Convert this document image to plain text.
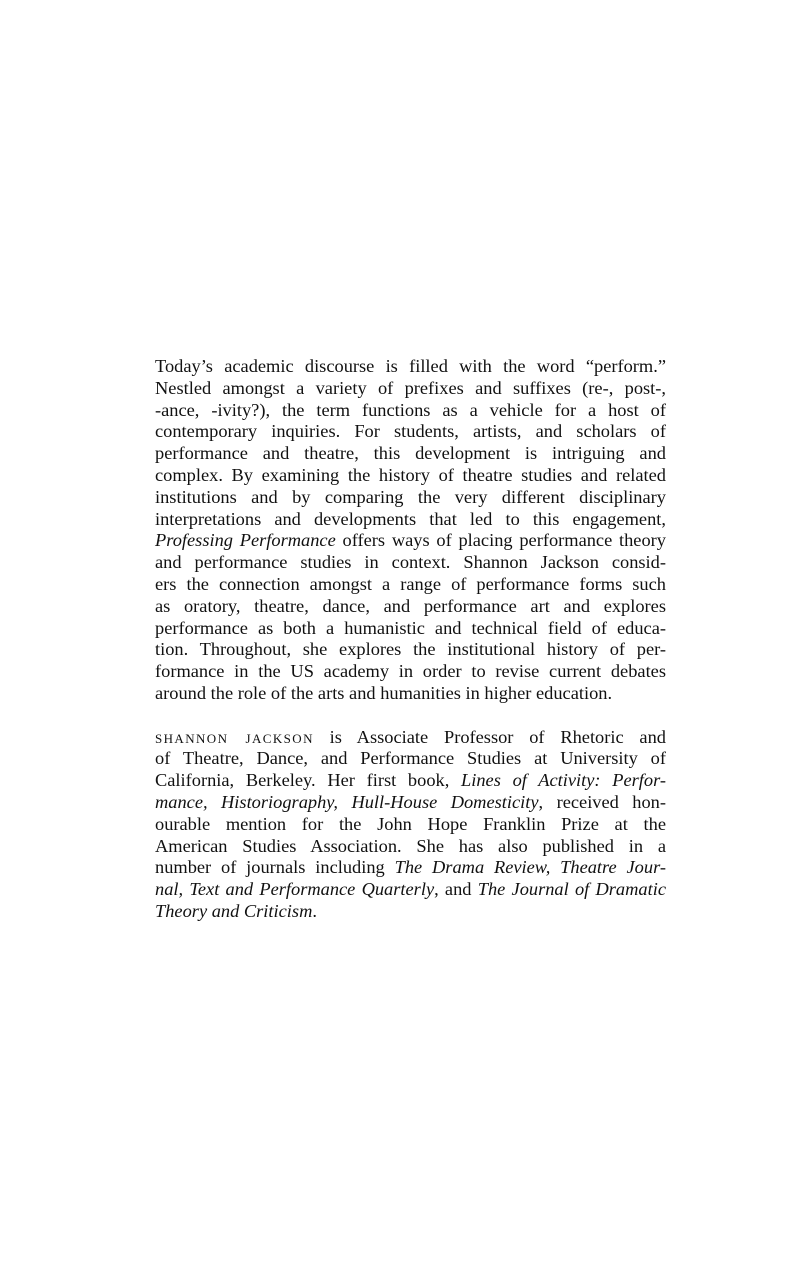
Today’s academic discourse is filled with the word “perform.”
Nestled amongst a variety of prefixes and suffixes (re-, post-,
-ance, -ivity?), the term functions as a vehicle for a host of
contemporary inquiries. For students, artists, and scholars of
performance and theatre, this development is intriguing and
complex. By examining the history of theatre studies and related
institutions and by comparing the very different disciplinary
interpretations and developments that led to this engagement,
Professing Performance offers ways of placing performance theory
and performance studies in context. Shannon Jackson consid-
ers the connection amongst a range of performance forms such
as oratory, theatre, dance, and performance art and explores
performance as both a humanistic and technical field of educa-
tion. Throughout, she explores the institutional history of per-
formance in the US academy in order to revise current debates
around the role of the arts and humanities in higher education.
shannon jackson is Associate Professor of Rhetoric and
of Theatre, Dance, and Performance Studies at University of
California, Berkeley. Her first book, Lines of Activity: Perfor-
mance, Historiography, Hull-House Domesticity, received hon-
ourable mention for the John Hope Franklin Prize at the
American Studies Association. She has also published in a
number of journals including The Drama Review, Theatre Jour-
nal, Text and Performance Quarterly, and The Journal of Dramatic
Theory and Criticism.
